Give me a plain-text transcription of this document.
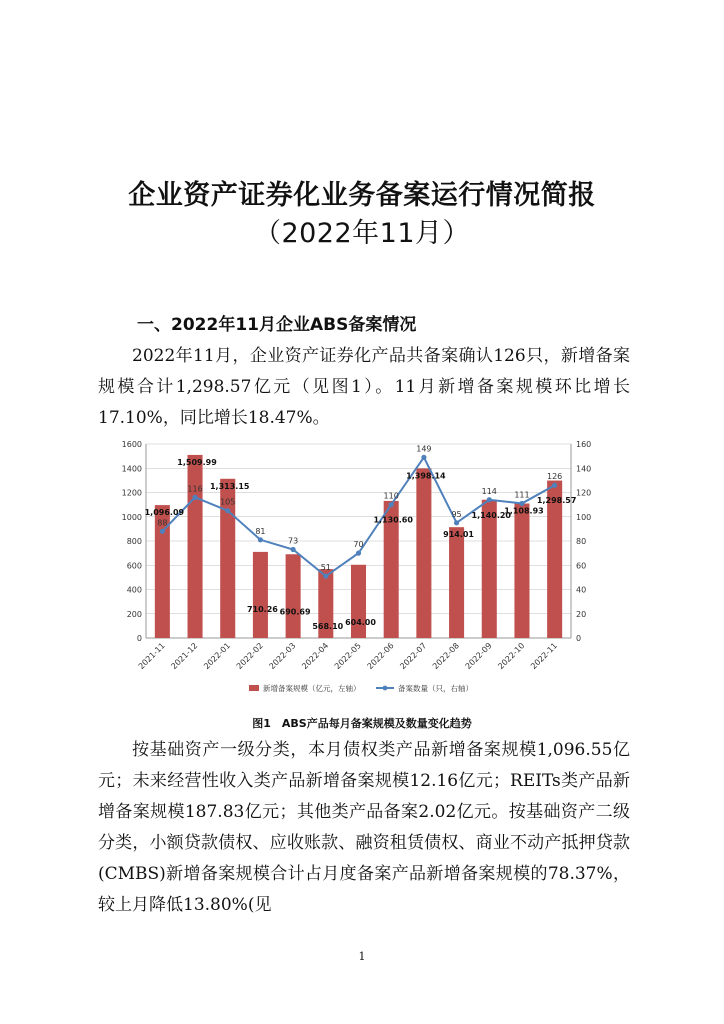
企业资产证券化业务备案运行情况简报
（2022年11月）
一、2022年11月企业ABS备案情况

2022年11月，企业资产证券化产品共备案确认126只，新增备案规模合计1,298.57亿元（见图1）。11月新增备案规模环比增长17.10%，同比增长18.47%。

0
200
400
600
800
1000
1200
1400
1600
0
20
40
60
80
100
120
140
160
88
116
105
81
73
51
70
110
149
95
114 111
126
1,096.09
1,509.99
1,313.15
710.26 690.69
568.10 604.00
1,130.60
1,398.14
914.01
1,140.20
1,108.93
1,298.57
2021-11 2021-12 2022-01 2022-02 2022-03 2022-04 2022-05 2022-06 2022-07 2022-08 2022-09 2022-10 2022-11
新增备案规模（亿元，左轴）	备案数量（只，右轴）
图1　ABS产品每月备案规模及数量变化趋势

按基础资产一级分类，本月债权类产品新增备案规模1,096.55亿元；未来经营性收入类产品新增备案规模12.16亿元；REITs类产品新增备案规模187.83亿元；其他类产品备案2.02亿元。按基础资产二级分类，小额贷款债权、应收账款、融资租赁债权、商业不动产抵押贷款(CMBS)新增备案规模合计占月度备案产品新增备案规模的78.37%，较上月降低13.80%(见

1
